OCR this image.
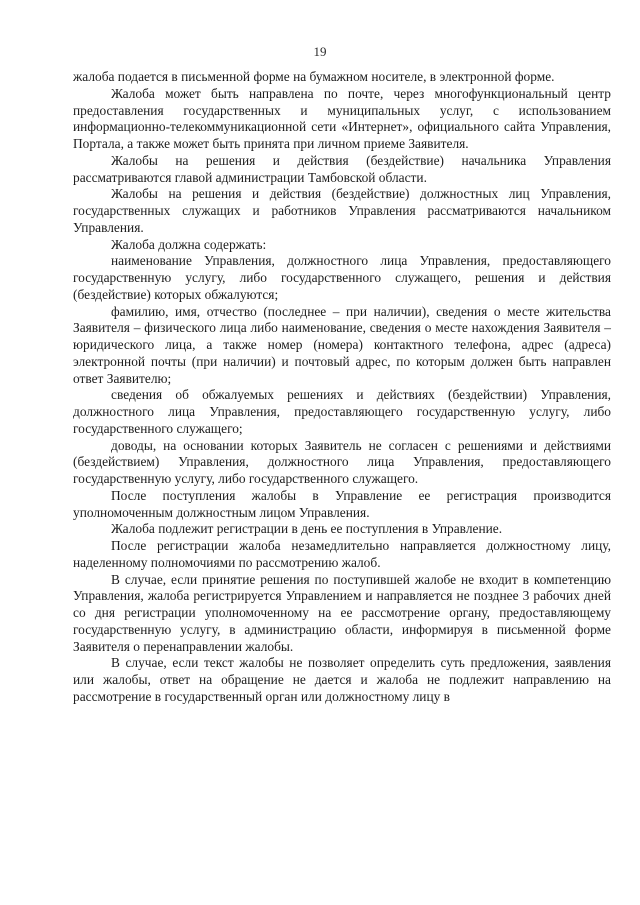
19

жалоба подается в письменной форме на бумажном носителе, в электронной форме.

Жалоба может быть направлена по почте, через многофункциональный центр предоставления государственных и муниципальных услуг, с использованием информационно-телекоммуникационной сети «Интернет», официального сайта Управления, Портала, а также может быть принята при личном приеме Заявителя.

Жалобы на решения и действия (бездействие) начальника Управления рассматриваются главой администрации Тамбовской области.

Жалобы на решения и действия (бездействие) должностных лиц Управления, государственных служащих и работников Управления рассматриваются начальником Управления.

Жалоба должна содержать:

наименование Управления, должностного лица Управления, предоставляющего государственную услугу, либо государственного служащего, решения и действия (бездействие) которых обжалуются;

фамилию, имя, отчество (последнее – при наличии), сведения о месте жительства Заявителя – физического лица либо наименование, сведения о месте нахождения Заявителя – юридического лица, а также номер (номера) контактного телефона, адрес (адреса) электронной почты (при наличии) и почтовый адрес, по которым должен быть направлен ответ Заявителю;

сведения об обжалуемых решениях и действиях (бездействии) Управления, должностного лица Управления, предоставляющего государственную услугу, либо государственного служащего;

доводы, на основании которых Заявитель не согласен с решениями и действиями (бездействием) Управления, должностного лица Управления, предоставляющего государственную услугу, либо государственного служащего.

После поступления жалобы в Управление ее регистрация производится уполномоченным должностным лицом Управления.

Жалоба подлежит регистрации в день ее поступления в Управление.

После регистрации жалоба незамедлительно направляется должностному лицу, наделенному полномочиями по рассмотрению жалоб.

В случае, если принятие решения по поступившей жалобе не входит в компетенцию Управления, жалоба регистрируется Управлением и направляется не позднее 3 рабочих дней со дня регистрации уполномоченному на ее рассмотрение органу, предоставляющему государственную услугу, в администрацию области, информируя в письменной форме Заявителя о перенаправлении жалобы.

В случае, если текст жалобы не позволяет определить суть предложения, заявления или жалобы, ответ на обращение не дается и жалоба не подлежит направлению на рассмотрение в государственный орган или должностному лицу в
